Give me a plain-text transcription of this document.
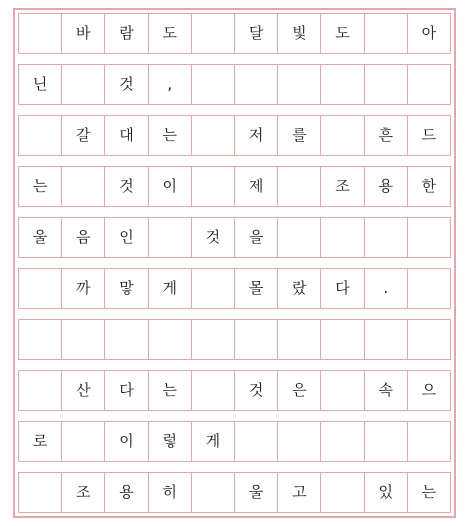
바	람	도	달	빛	도	아
닌	것	,
갈	대	는	저	를	흔	드
는	것	이	제	조	용	한
울	음	인	것	을
까	맣	게	몰	랐	다	.
산	다	는	것	은	속	으
로	이	렇	게
조	용	히	울	고	있	는
